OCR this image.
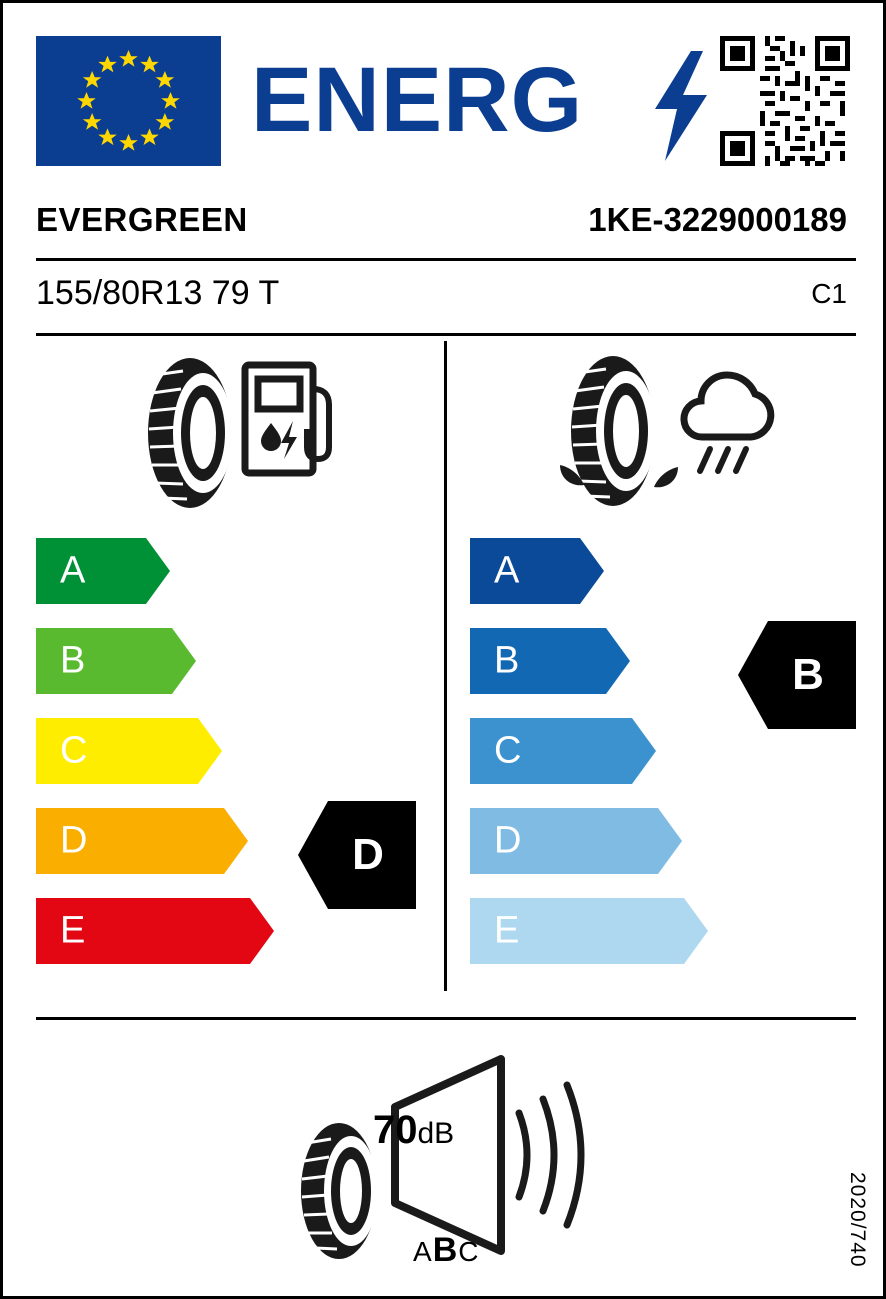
ENERG
EVERGREEN	1KE-3229000189
155/80R13 79 T	C1
A
B
C
D
E
D
A
B
C
D
E
B
70dB
ABC	2020/740
